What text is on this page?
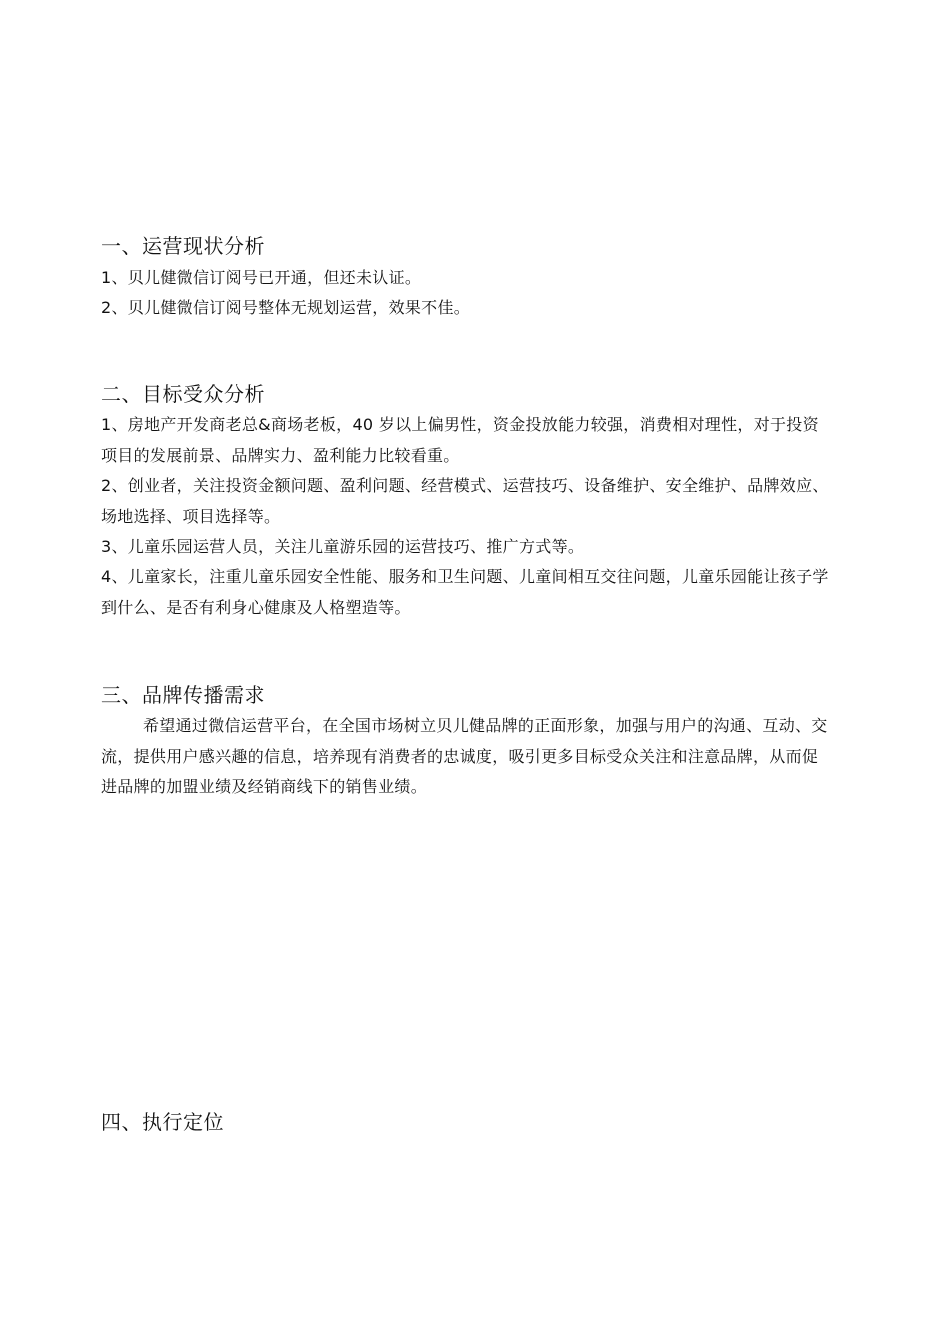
一、运营现状分析
1、贝儿健微信订阅号已开通，但还未认证。
2、贝儿健微信订阅号整体无规划运营，效果不佳。
二、目标受众分析
1、房地产开发商老总&商场老板，40 岁以上偏男性，资金投放能力较强，消费相对理性，对于投资项目的发展前景、品牌实力、盈利能力比较看重。
2、创业者，关注投资金额问题、盈利问题、经营模式、运营技巧、设备维护、安全维护、品牌效应、场地选择、项目选择等。
3、儿童乐园运营人员，关注儿童游乐园的运营技巧、推广方式等。
4、儿童家长，注重儿童乐园安全性能、服务和卫生问题、儿童间相互交往问题，儿童乐园能让孩子学到什么、是否有利身心健康及人格塑造等。
三、品牌传播需求
希望通过微信运营平台，在全国市场树立贝儿健品牌的正面形象，加强与用户的沟通、互动、交流，提供用户感兴趣的信息，培养现有消费者的忠诚度，吸引更多目标受众关注和注意品牌，从而促进品牌的加盟业绩及经销商线下的销售业绩。
四、执行定位
